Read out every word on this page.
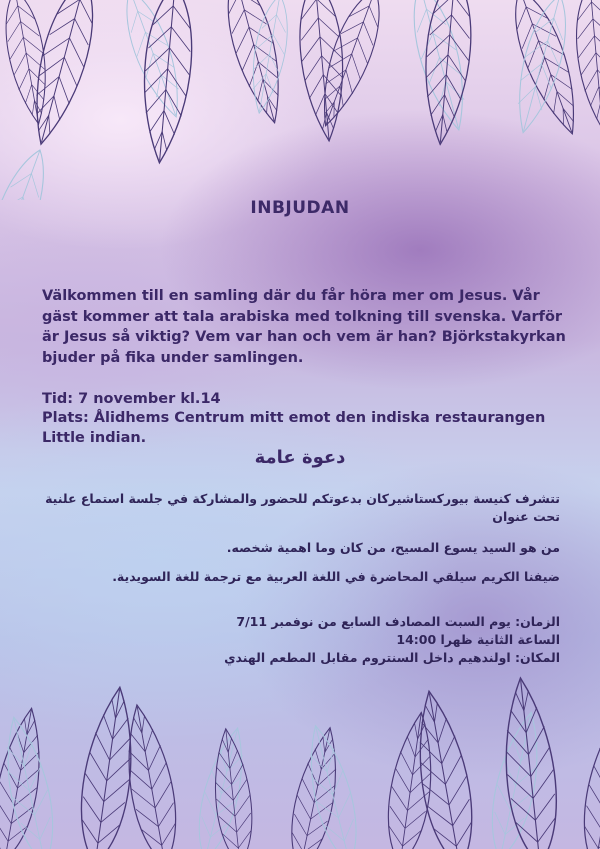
INBJUDAN
Välkommen till en samling där du får höra mer om Jesus. Vår gäst kommer att tala arabiska med tolkning till svenska. Varför är Jesus så viktig? Vem var han och vem är han? Björkstakyrkan bjuder på fika under samlingen.
Tid: 7 november kl.14
Plats: Ålidhems Centrum mitt emot den indiska restaurangen Little indian.
دعوة عامة
تتشرف كنيسة بيوركستاشيركان بدعوتكم للحضور والمشاركة في جلسة استماع علنية تحت عنوان
من هو السيد يسوع المسيح، من كان وما اهمية شخصه.
ضيفنا الكريم سيلقي المحاضرة في اللغة العربية مع ترجمة للغة السويدية.
الزمان: يوم السبت المصادف السابع من نوفمبر 7/11
الساعة الثانية ظهرا 14:00
المكان: اولندهيم داخل السنتروم مقابل المطعم الهندي
